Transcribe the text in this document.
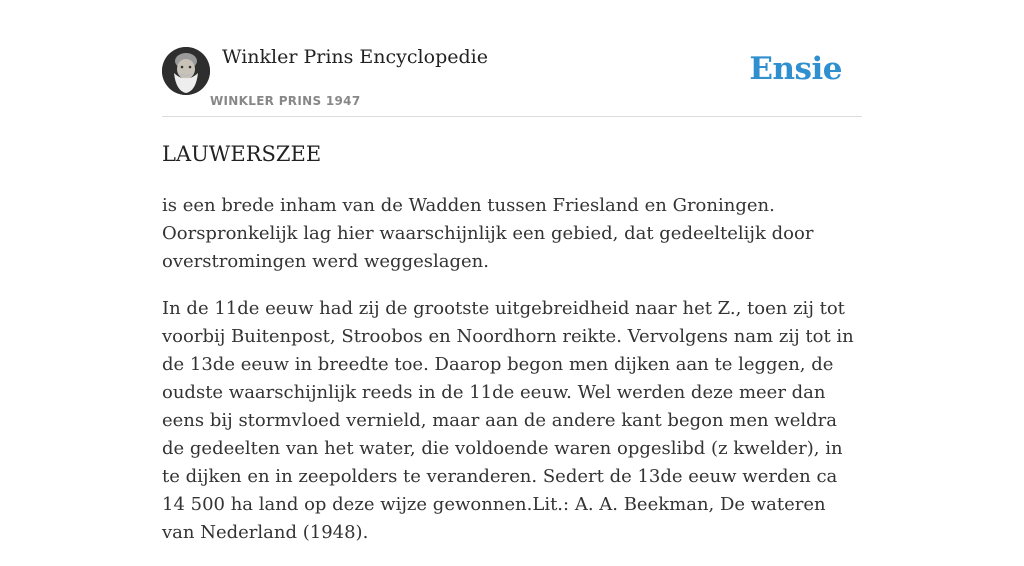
Winkler Prins Encyclopedie
WINKLER PRINS 1947
Ensie
LAUWERSZEE

is een brede inham van de Wadden tussen Friesland en Groningen. Oorspronkelijk lag hier waarschijnlijk een gebied, dat gedeeltelijk door overstromingen werd weggeslagen.

In de 11de eeuw had zij de grootste uitgebreidheid naar het Z., toen zij tot voorbij Buitenpost, Stroobos en Noordhorn reikte. Vervolgens nam zij tot in de 13de eeuw in breedte toe. Daarop begon men dijken aan te leggen, de oudste waarschijnlijk reeds in de 11de eeuw. Wel werden deze meer dan eens bij stormvloed vernield, maar aan de andere kant begon men weldra de gedeelten van het water, die voldoende waren opgeslibd (z kwelder), in te dijken en in zeepolders te veranderen. Sedert de 13de eeuw werden ca 14 500 ha land op deze wijze gewonnen.Lit.: A. A. Beekman, De wateren van Nederland (1948).
